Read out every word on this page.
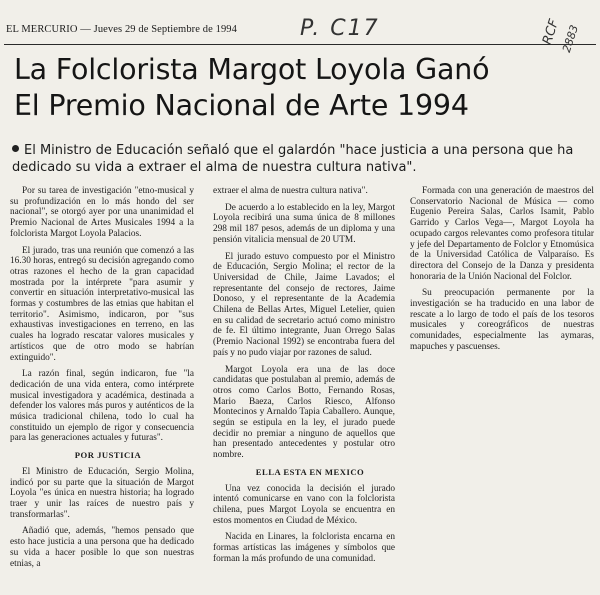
EL MERCURIO — Jueves 29 de Septiembre de 1994	P. C17	RCF
2883
La Folclorista Margot Loyola Ganó
El Premio Nacional de Arte 1994
El Ministro de Educación señaló que el galardón "hace justicia a una persona que ha dedicado su vida a extraer el alma de nuestra cultura nativa".

Por su tarea de investigación "etno-musical y su profundización en lo más hondo del ser nacional", se otorgó ayer por una unanimidad el Premio Nacional de Artes Musicales 1994 a la folclorista Margot Loyola Palacios.

El jurado, tras una reunión que comenzó a las 16.30 horas, entregó su decisión agregando como otras razones el hecho de la gran capacidad mostrada por la intérprete "para asumir y convertir en situación interpretativo-musical las formas y costumbres de las etnias que habitan el territorio". Asimismo, indicaron, por "sus exhaustivas investigaciones en terreno, en las cuales ha logrado rescatar valores musicales y artísticos que de otro modo se habrían extinguido".

La razón final, según indicaron, fue "la dedicación de una vida entera, como intérprete musical investigadora y académica, destinada a defender los valores más puros y auténticos de la música tradicional chilena, todo lo cual ha constituido un ejemplo de rigor y consecuencia para las generaciones actuales y futuras".

POR JUSTICIA

El Ministro de Educación, Sergio Molina, indicó por su parte que la situación de Margot Loyola "es única en nuestra historia; ha logrado traer y unir las raíces de nuestro país y transformarlas".

Añadió que, además, "hemos pensado que esto hace justicia a una persona que ha dedicado su vida a hacer posible lo que son nuestras etnias, a

extraer el alma de nuestra cultura nativa".

De acuerdo a lo establecido en la ley, Margot Loyola recibirá una suma única de 8 millones 298 mil 187 pesos, además de un diploma y una pensión vitalicia mensual de 20 UTM.

El jurado estuvo compuesto por el Ministro de Educación, Sergio Molina; el rector de la Universidad de Chile, Jaime Lavados; el representante del consejo de rectores, Jaime Donoso, y el representante de la Academia Chilena de Bellas Artes, Miguel Letelier, quien en su calidad de secretario actuó como ministro de fe. El último integrante, Juan Orrego Salas (Premio Nacional 1992) se encontraba fuera del país y no pudo viajar por razones de salud.

Margot Loyola era una de las doce candidatas que postulaban al premio, además de otros como Carlos Botto, Fernando Rosas, Mario Baeza, Carlos Riesco, Alfonso Montecinos y Arnaldo Tapia Caballero. Aunque, según se estipula en la ley, el jurado puede decidir no premiar a ninguno de aquellos que han presentado antecedentes y postular otro nombre.

ELLA ESTA EN MEXICO

Una vez conocida la decisión el jurado intentó comunicarse en vano con la folclorista chilena, pues Margot Loyola se encuentra en estos momentos en Ciudad de México.

Nacida en Linares, la folclorista encarna en formas artísticas las imágenes y símbolos que forman la más profundo de una comunidad.

Formada con una generación de maestros del Conservatorio Nacional de Música — como Eugenio Pereira Salas, Carlos Isamit, Pablo Garrido y Carlos Vega—, Margot Loyola ha ocupado cargos relevantes como profesora titular y jefe del Departamento de Folclor y Etnomúsica de la Universidad Católica de Valparaíso. Es directora del Consejo de la Danza y presidenta honoraria de la Unión Nacional del Folclor.

Su preocupación permanente por la investigación se ha traducido en una labor de rescate a lo largo de todo el país de los tesoros musicales y coreográficos de nuestras comunidades, especialmente las aymaras, mapuches y pascuenses.
